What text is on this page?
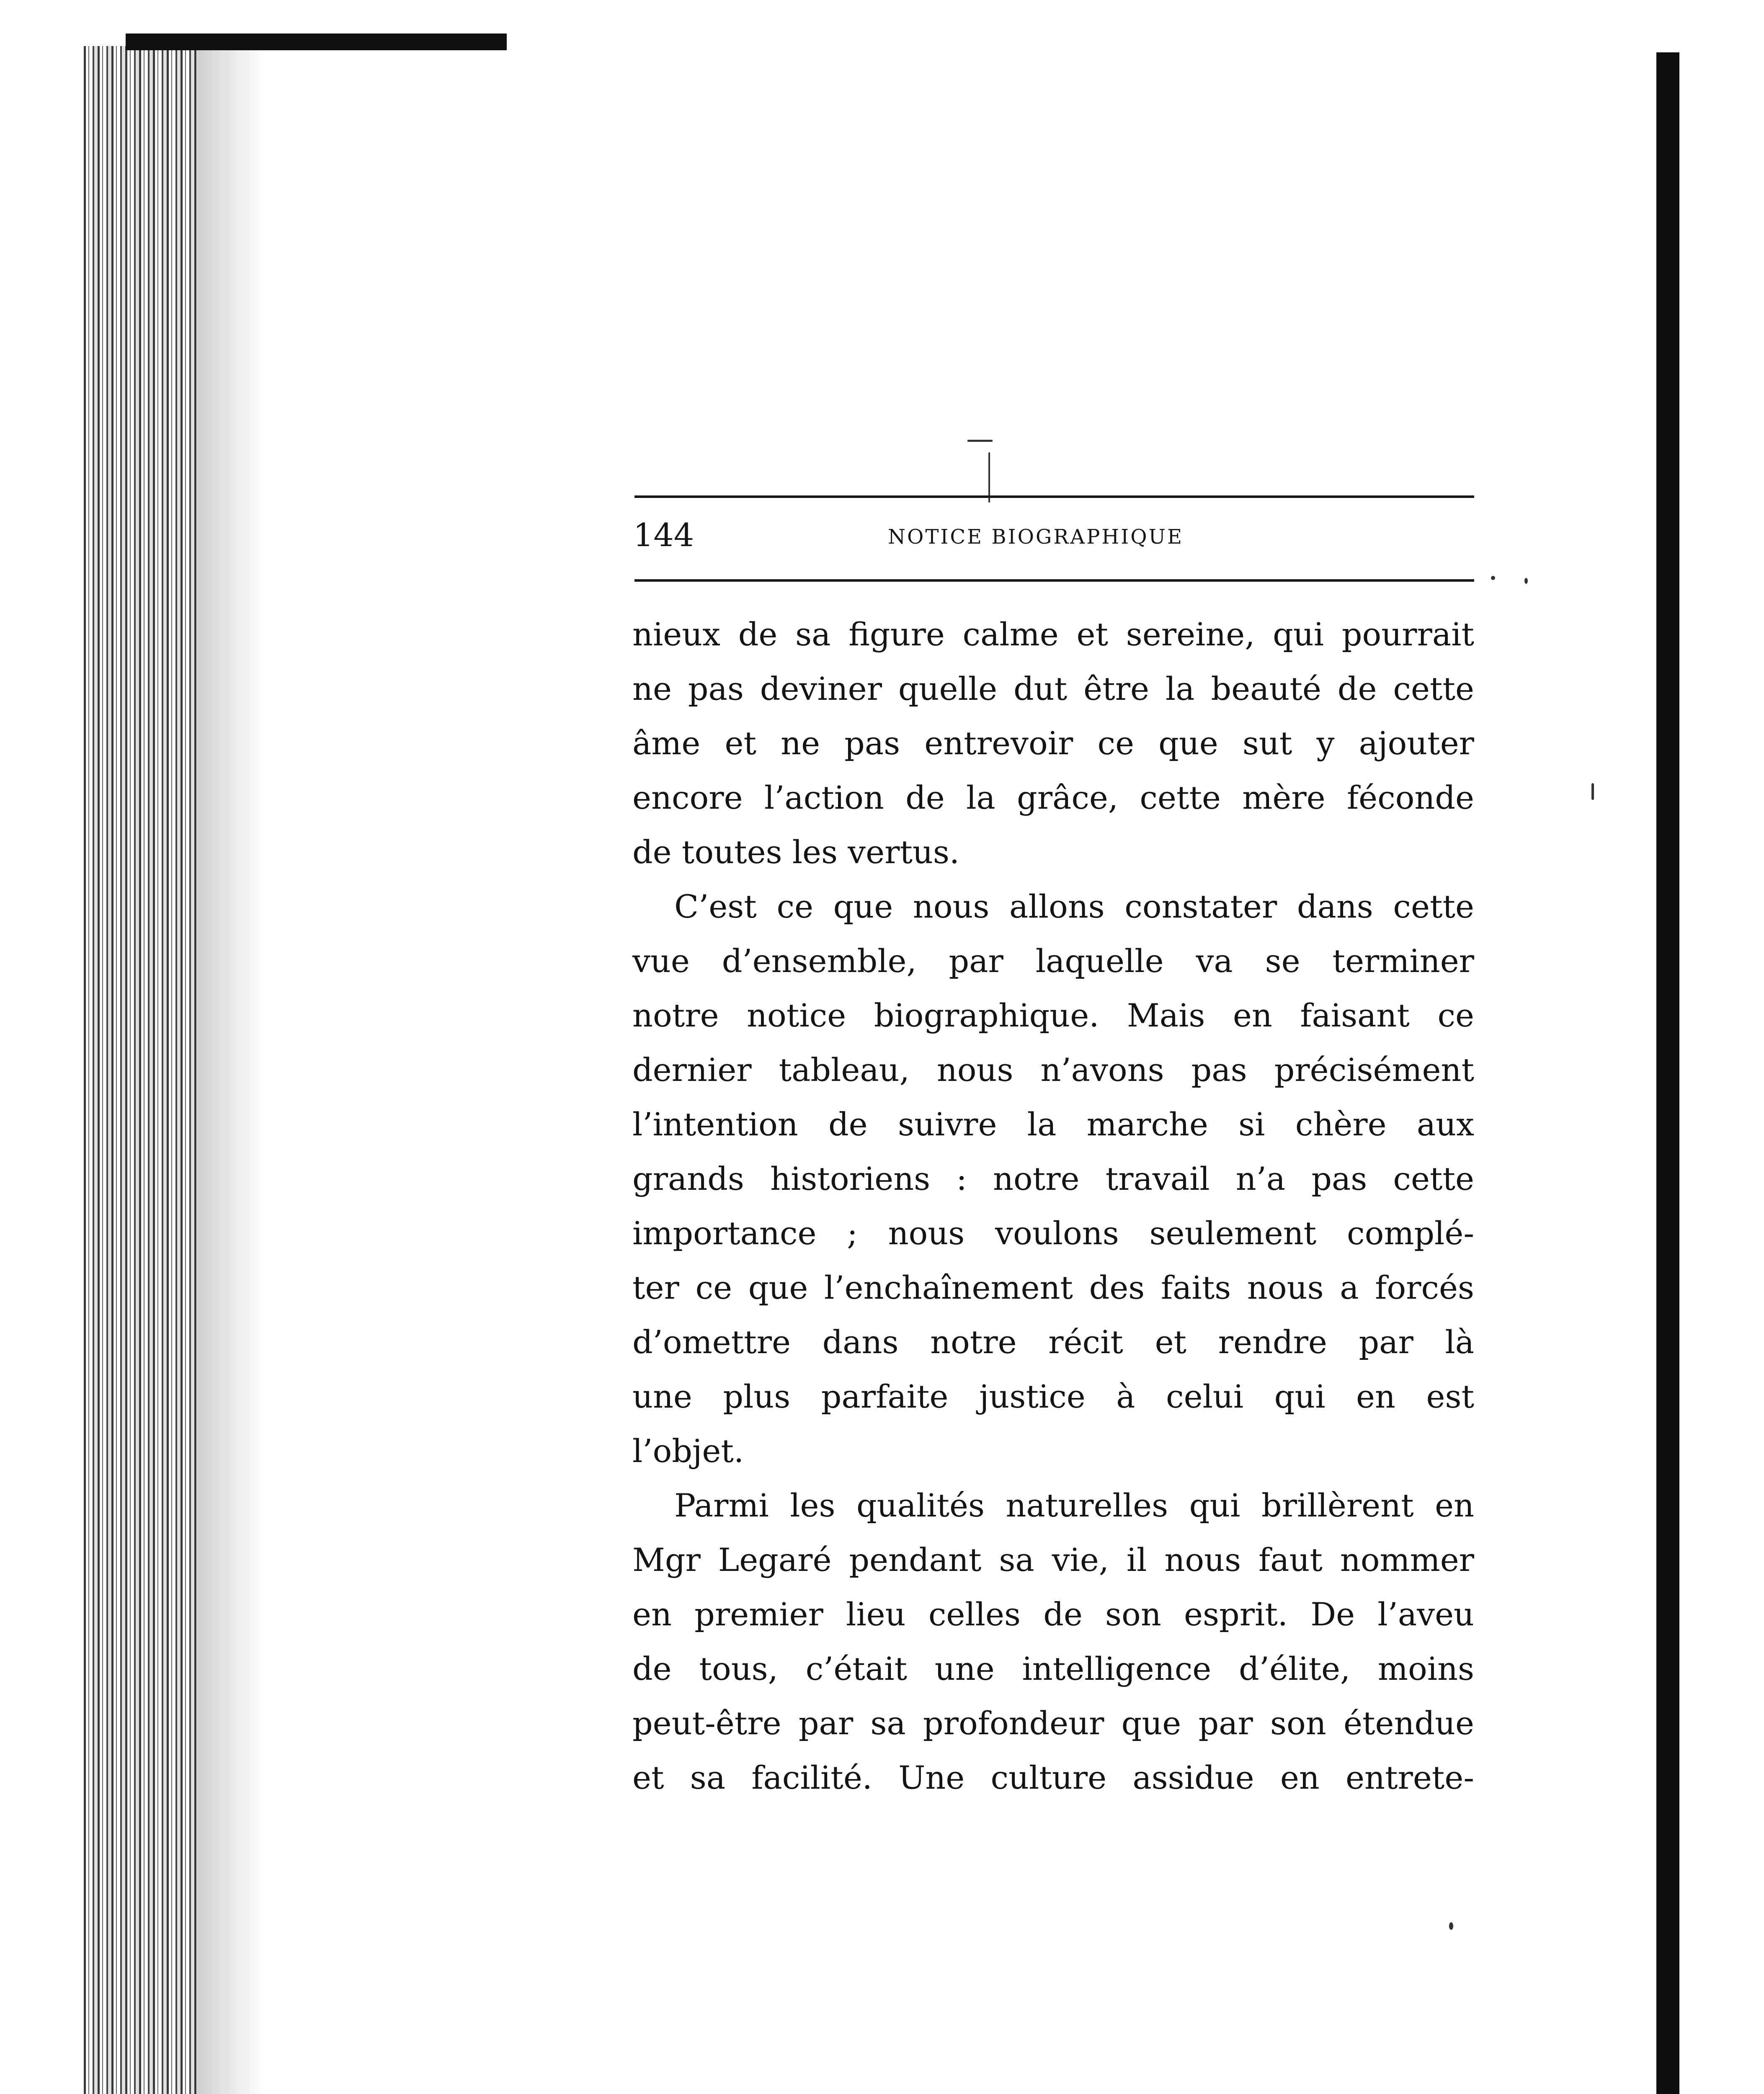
144	NOTICE BIOGRAPHIQUE
nieux de sa figure calme et sereine, qui pourrait
ne pas deviner quelle dut être la beauté de cette
âme et ne pas entrevoir ce que sut y ajouter
encore l’action de la grâce, cette mère féconde
de toutes les vertus.
C’est ce que nous allons constater dans cette
vue d’ensemble, par laquelle va se terminer
notre notice biographique. Mais en faisant ce
dernier tableau, nous n’avons pas précisément
l’intention de suivre la marche si chère aux
grands historiens : notre travail n’a pas cette
importance ; nous voulons seulement complé-
ter ce que l’enchaînement des faits nous a forcés
d’omettre dans notre récit et rendre par là
une plus parfaite justice à celui qui en est
l’objet.
Parmi les qualités naturelles qui brillèrent en
Mgr Legaré pendant sa vie, il nous faut nommer
en premier lieu celles de son esprit. De l’aveu
de tous, c’était une intelligence d’élite, moins
peut-être par sa profondeur que par son étendue
et sa facilité. Une culture assidue en entrete-
